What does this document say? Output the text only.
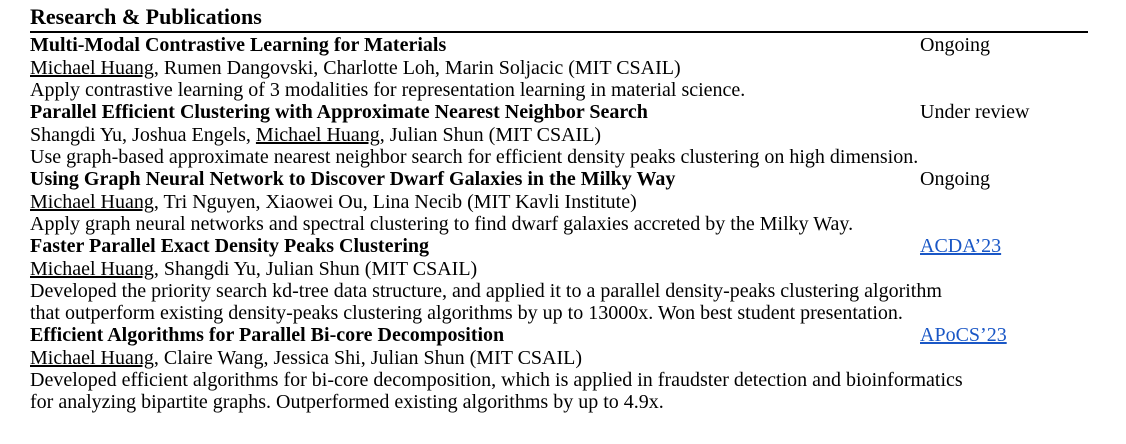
Research & Publications
Multi-Modal Contrastive Learning for Materials	Ongoing
Michael Huang, Rumen Dangovski, Charlotte Loh, Marin Soljacic (MIT CSAIL)
Apply contrastive learning of 3 modalities for representation learning in material science.
Parallel Efficient Clustering with Approximate Nearest Neighbor Search	Under review
Shangdi Yu, Joshua Engels, Michael Huang, Julian Shun (MIT CSAIL)
Use graph-based approximate nearest neighbor search for efficient density peaks clustering on high dimension.
Using Graph Neural Network to Discover Dwarf Galaxies in the Milky Way	Ongoing
Michael Huang, Tri Nguyen, Xiaowei Ou, Lina Necib (MIT Kavli Institute)
Apply graph neural networks and spectral clustering to find dwarf galaxies accreted by the Milky Way.
Faster Parallel Exact Density Peaks Clustering	ACDA’23
Michael Huang, Shangdi Yu, Julian Shun (MIT CSAIL)
Developed the priority search kd-tree data structure, and applied it to a parallel density-peaks clustering algorithm
that outperform existing density-peaks clustering algorithms by up to 13000x. Won best student presentation.
Efficient Algorithms for Parallel Bi-core Decomposition	APoCS’23
Michael Huang, Claire Wang, Jessica Shi, Julian Shun (MIT CSAIL)
Developed efficient algorithms for bi-core decomposition, which is applied in fraudster detection and bioinformatics
for analyzing bipartite graphs. Outperformed existing algorithms by up to 4.9x.
